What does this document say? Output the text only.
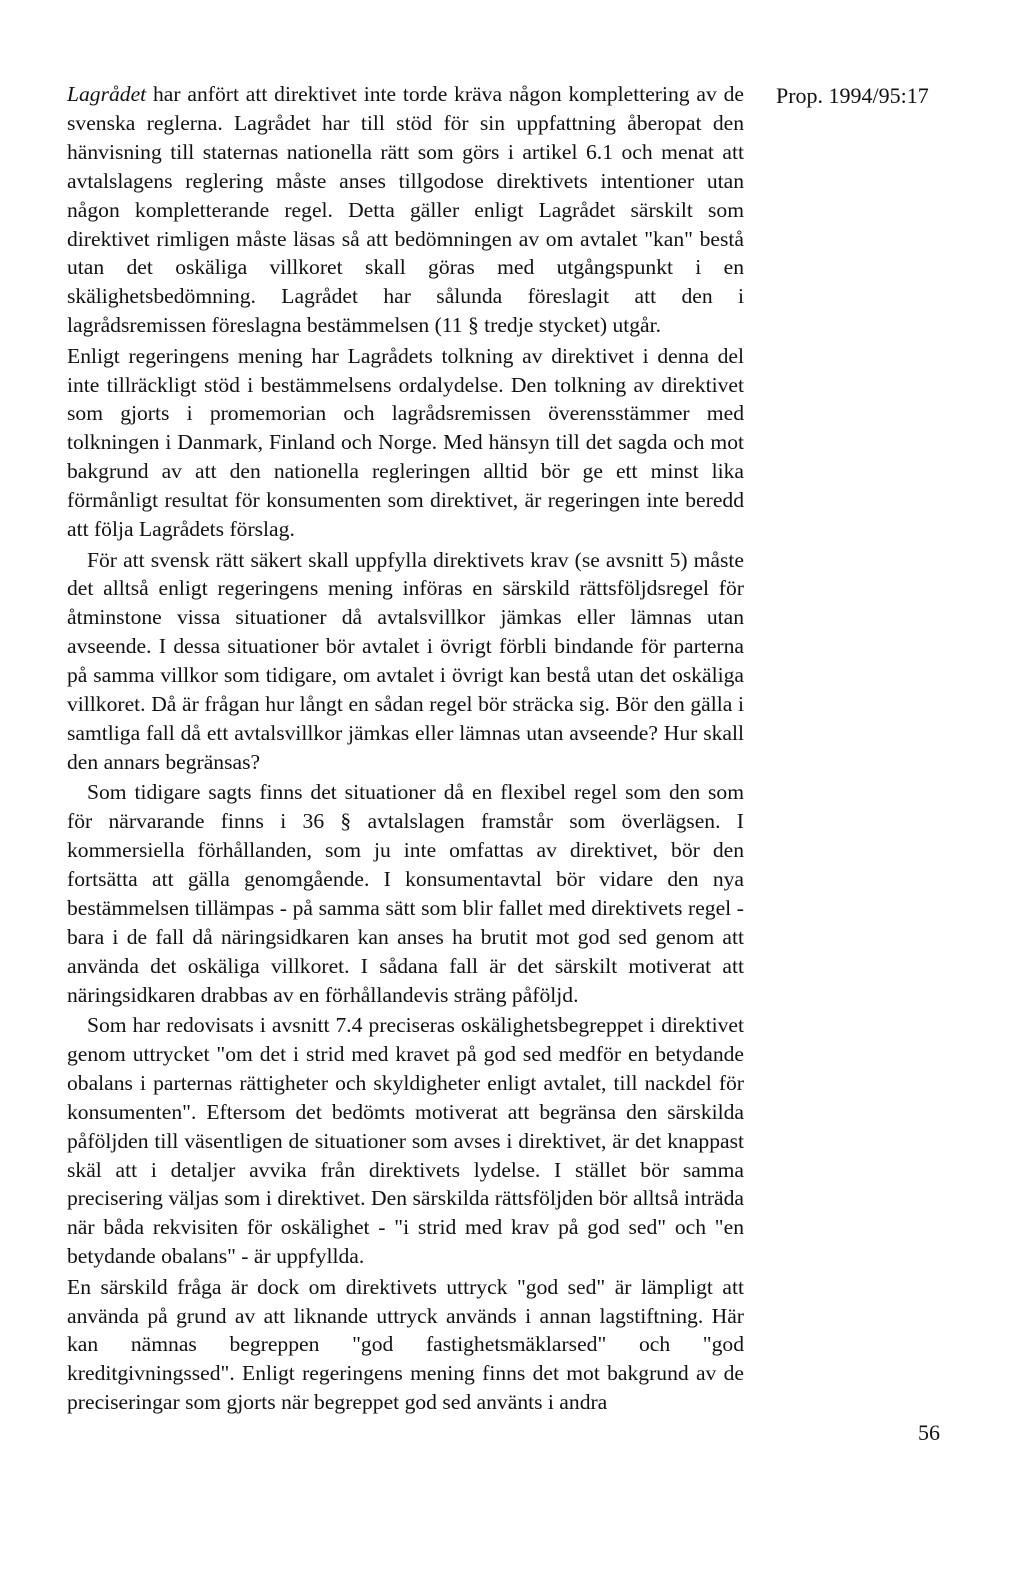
Prop. 1994/95:17

Lagrådet har anfört att direktivet inte torde kräva någon komplettering av de svenska reglerna. Lagrådet har till stöd för sin uppfattning åberopat den hänvisning till staternas nationella rätt som görs i artikel 6.1 och menat att avtalslagens reglering måste anses tillgodose direktivets intentioner utan någon kompletterande regel. Detta gäller enligt Lagrådet särskilt som direktivet rimligen måste läsas så att bedömningen av om avtalet "kan" bestå utan det oskäliga villkoret skall göras med utgångspunkt i en skälighetsbedömning. Lagrådet har sålunda föreslagit att den i lagrådsremissen föreslagna bestämmelsen (11 § tredje stycket) utgår.

Enligt regeringens mening har Lagrådets tolkning av direktivet i denna del inte tillräckligt stöd i bestämmelsens ordalydelse. Den tolkning av direktivet som gjorts i promemorian och lagrådsremissen överensstämmer med tolkningen i Danmark, Finland och Norge. Med hänsyn till det sagda och mot bakgrund av att den nationella regleringen alltid bör ge ett minst lika förmånligt resultat för konsumenten som direktivet, är regeringen inte beredd att följa Lagrådets förslag.

För att svensk rätt säkert skall uppfylla direktivets krav (se avsnitt 5) måste det alltså enligt regeringens mening införas en särskild rättsföljdsregel för åtminstone vissa situationer då avtalsvillkor jämkas eller lämnas utan avseende. I dessa situationer bör avtalet i övrigt förbli bindande för parterna på samma villkor som tidigare, om avtalet i övrigt kan bestå utan det oskäliga villkoret. Då är frågan hur långt en sådan regel bör sträcka sig. Bör den gälla i samtliga fall då ett avtalsvillkor jämkas eller lämnas utan avseende? Hur skall den annars begränsas?

Som tidigare sagts finns det situationer då en flexibel regel som den som för närvarande finns i 36 § avtalslagen framstår som överlägsen. I kommersiella förhållanden, som ju inte omfattas av direktivet, bör den fortsätta att gälla genomgående. I konsumentavtal bör vidare den nya bestämmelsen tillämpas - på samma sätt som blir fallet med direktivets regel - bara i de fall då näringsidkaren kan anses ha brutit mot god sed genom att använda det oskäliga villkoret. I sådana fall är det särskilt motiverat att näringsidkaren drabbas av en förhållandevis sträng påföljd.

Som har redovisats i avsnitt 7.4 preciseras oskälighetsbegreppet i direktivet genom uttrycket "om det i strid med kravet på god sed medför en betydande obalans i parternas rättigheter och skyldigheter enligt avtalet, till nackdel för konsumenten". Eftersom det bedömts motiverat att begränsa den särskilda påföljden till väsentligen de situationer som avses i direktivet, är det knappast skäl att i detaljer avvika från direktivets lydelse. I stället bör samma precisering väljas som i direktivet. Den särskilda rättsföljden bör alltså inträda när båda rekvisiten för oskälighet - "i strid med krav på god sed" och "en betydande obalans" - är uppfyllda.

En särskild fråga är dock om direktivets uttryck "god sed" är lämpligt att använda på grund av att liknande uttryck används i annan lagstiftning. Här kan nämnas begreppen "god fastighetsmäklarsed" och "god kreditgivningssed". Enligt regeringens mening finns det mot bakgrund av de preciseringar som gjorts när begreppet god sed använts i andra

56
